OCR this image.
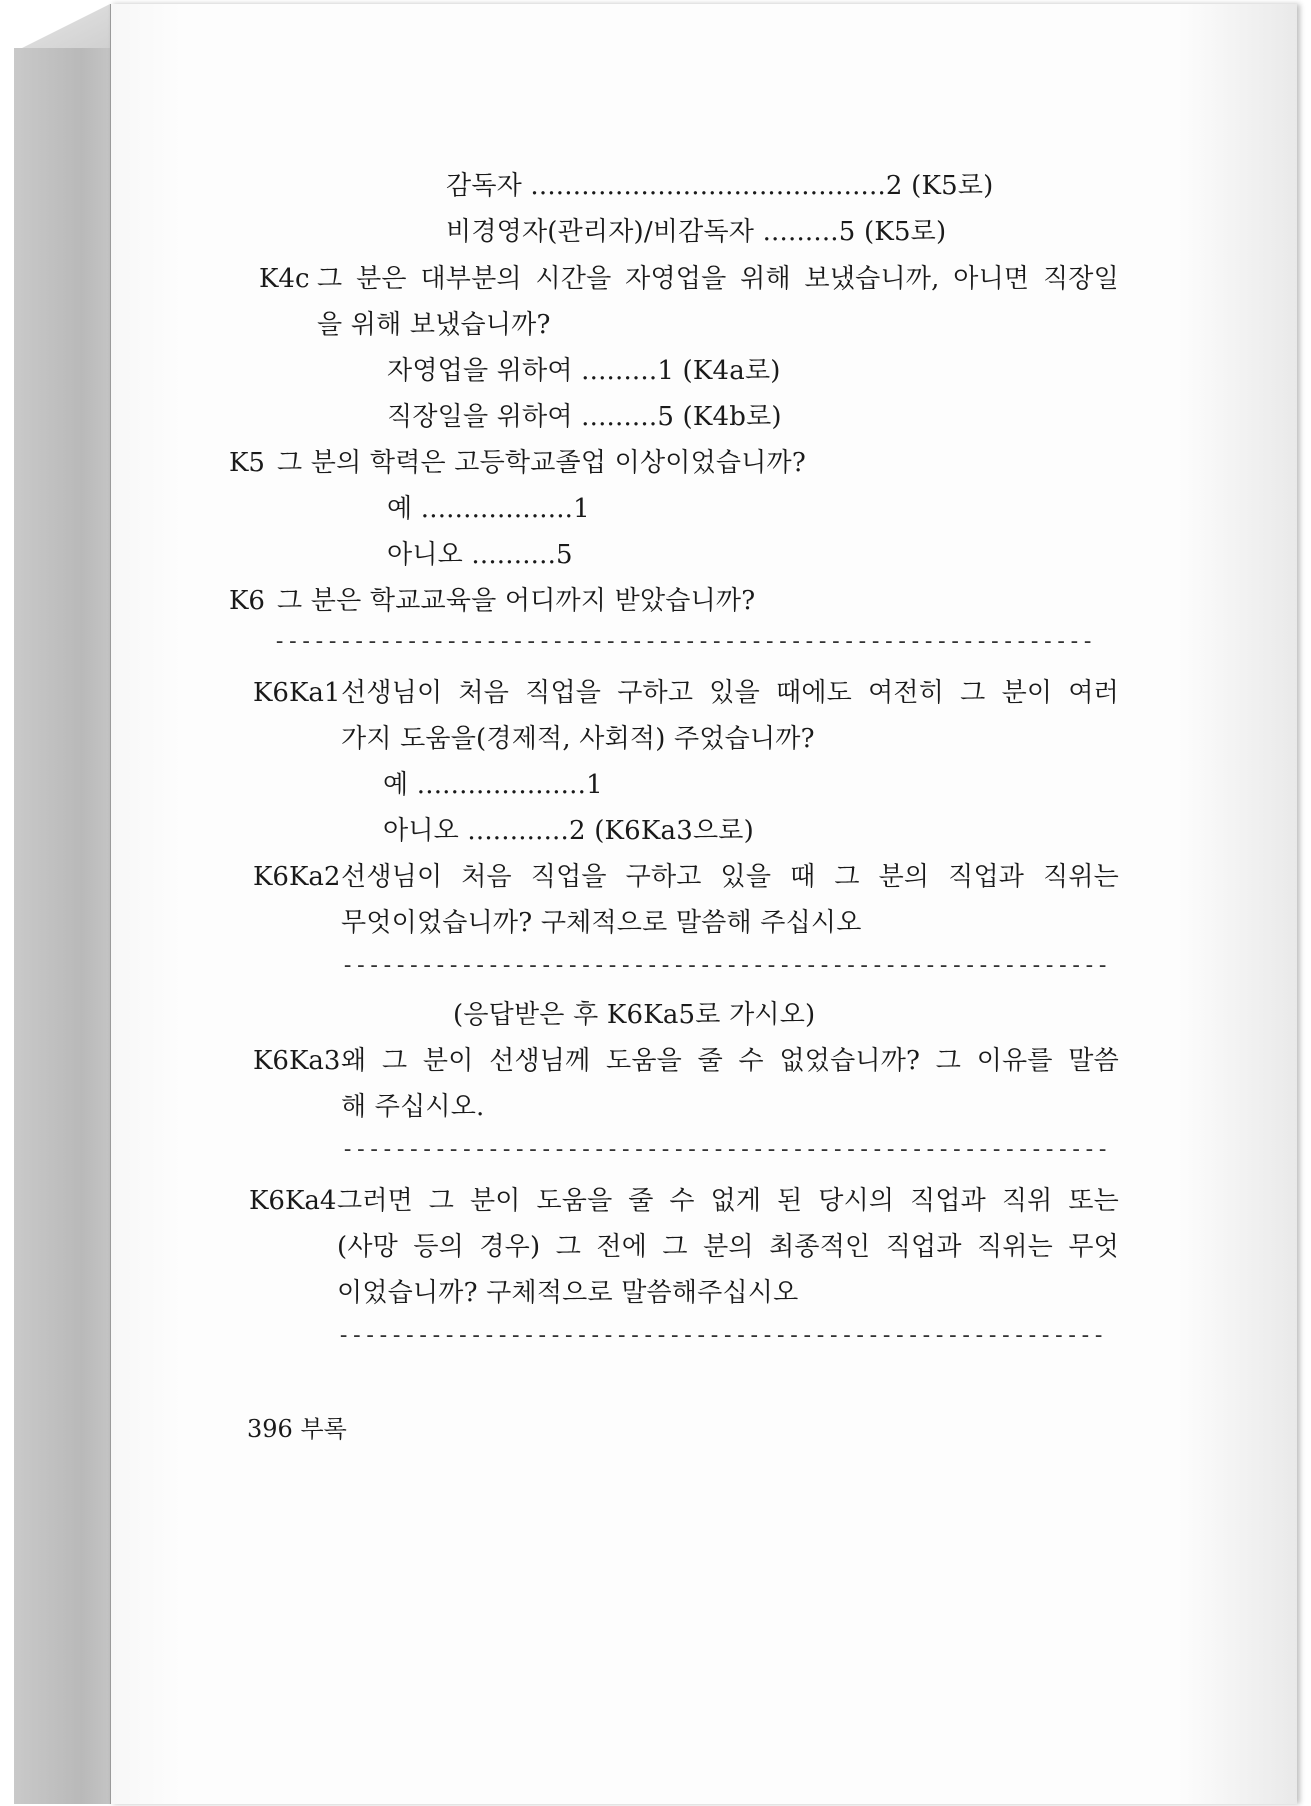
감독자 ..........................................2 (K5로)
비경영자(관리자)/비감독자 .........5 (K5로)
K4c 그 분은 대부분의 시간을 자영업을 위해 보냈습니까, 아니면 직장일
을 위해 보냈습니까?
자영업을 위하여 .........1 (K4a로)
직장일을 위하여 .........5 (K4b로)
K5 그 분의 학력은 고등학교졸업 이상이었습니까?
예 ..................1
아니오 ..........5
K6 그 분은 학교교육을 어디까지 받았습니까?
--------------------------------------------------------------
K6Ka1 선생님이 처음 직업을 구하고 있을 때에도 여전히 그 분이 여러
가지 도움을(경제적, 사회적) 주었습니까?
예 ....................1
아니오 ............2 (K6Ka3으로)
K6Ka2 선생님이 처음 직업을 구하고 있을 때 그 분의 직업과 직위는
무엇이었습니까? 구체적으로 말씀해 주십시오
----------------------------------------------------------
(응답받은 후 K6Ka5로 가시오)
K6Ka3 왜 그 분이 선생님께 도움을 줄 수 없었습니까? 그 이유를 말씀
해 주십시오.
----------------------------------------------------------
K6Ka4 그러면 그 분이 도움을 줄 수 없게 된 당시의 직업과 직위 또는
(사망 등의 경우) 그 전에 그 분의 최종적인 직업과 직위는 무엇
이었습니까? 구체적으로 말씀해주십시오
----------------------------------------------------------
396 부록
